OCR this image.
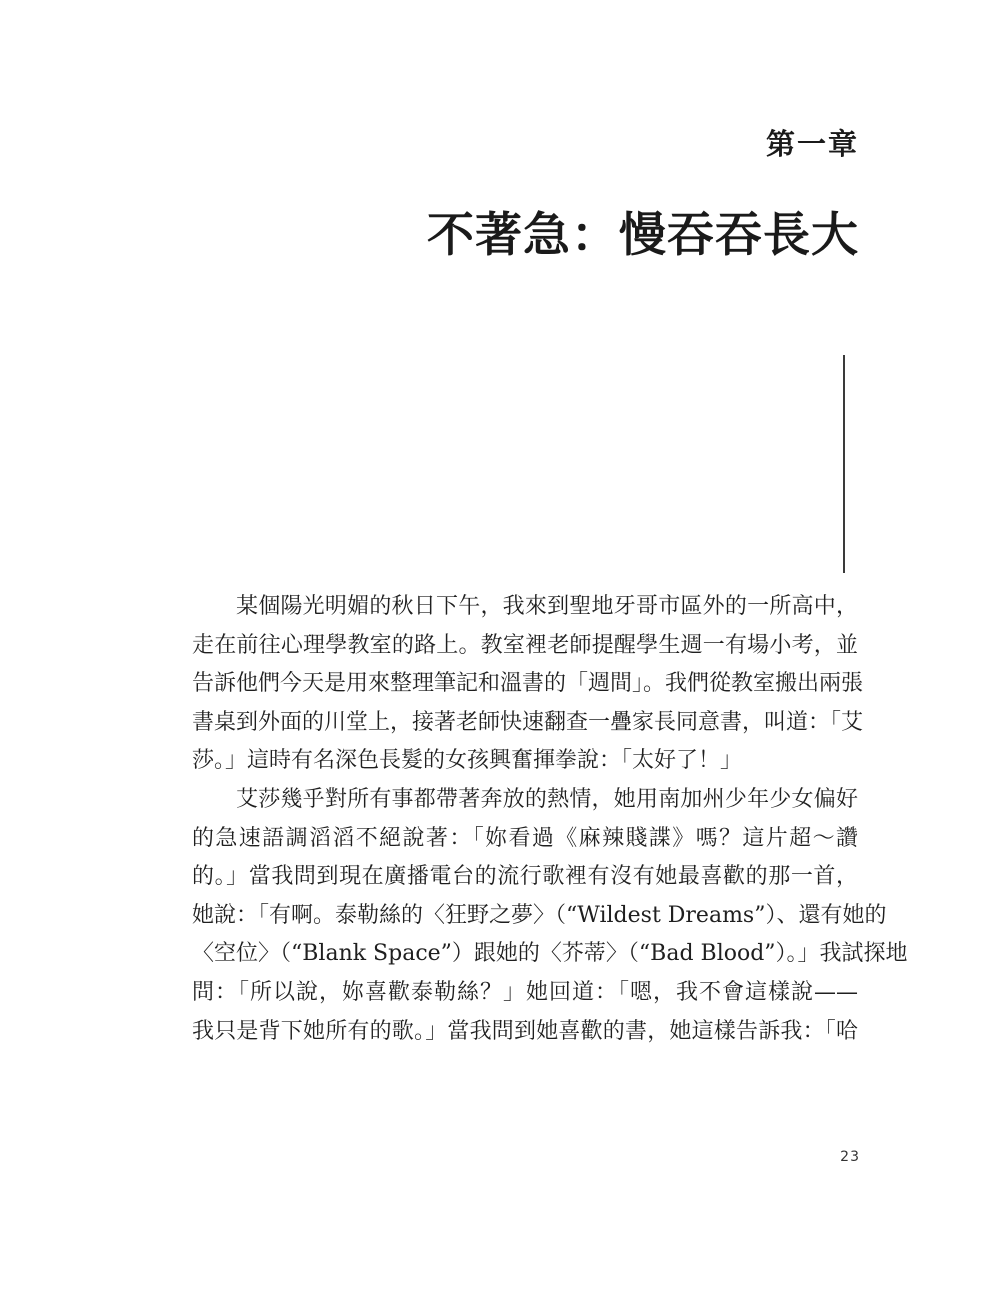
第一章
不著急：慢吞吞長大

某個陽光明媚的秋日下午，我來到聖地牙哥市區外的一所高中，
走在前往心理學教室的路上。教室裡老師提醒學生週一有場小考，並
告訴他們今天是用來整理筆記和溫書的「週間」。我們從教室搬出兩張
書桌到外面的川堂上，接著老師快速翻查一疊家長同意書，叫道：「艾
莎。」這時有名深色長髮的女孩興奮揮拳說：「太好了！」

艾莎幾乎對所有事都帶著奔放的熱情，她用南加州少年少女偏好
的急速語調滔滔不絕說著：「妳看過《麻辣賤諜》嗎？這片超～讚
的。」當我問到現在廣播電台的流行歌裡有沒有她最喜歡的那一首，
她說：「有啊。泰勒絲的〈狂野之夢〉（“Wildest Dreams”）、還有她的
〈空位〉（“Blank Space”）跟她的〈芥蒂〉（“Bad Blood”）。」我試探地
問：「所以說，妳喜歡泰勒絲？」她回道：「嗯，我不會這樣說——
我只是背下她所有的歌。」當我問到她喜歡的書，她這樣告訴我：「哈

23
